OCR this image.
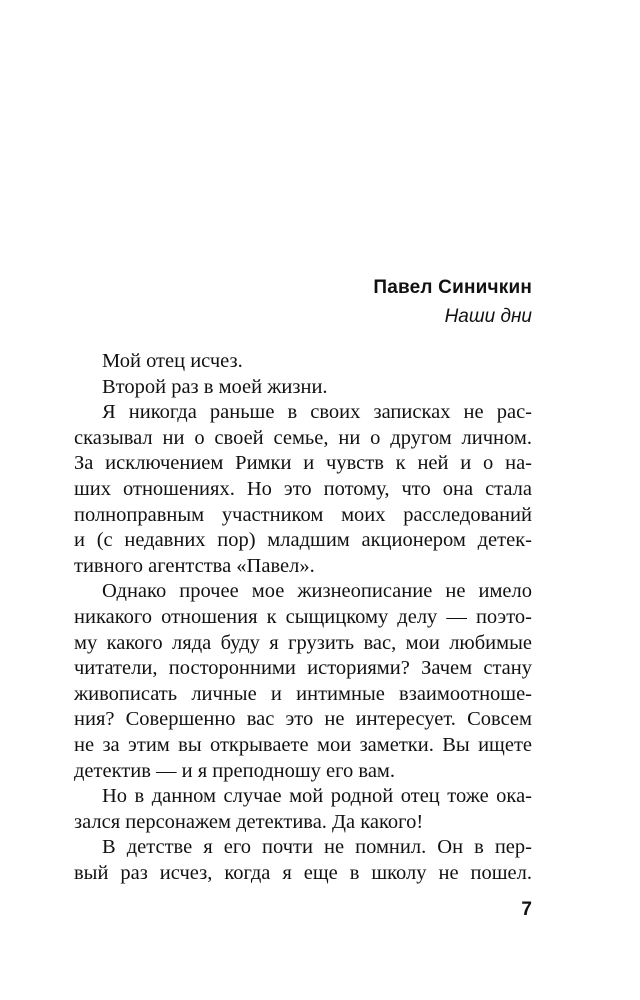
Павел Синичкин
Наши дни
Мой отец исчез.
Второй раз в моей жизни.
Я никогда раньше в своих записках не рас-
сказывал ни о своей семье, ни о другом личном.
За исключением Римки и чувств к ней и о на-
ших отношениях. Но это потому, что она стала
полноправным участником моих расследований
и (с недавних пор) младшим акционером детек-
тивного агентства «Павел».
Однако прочее мое жизнеописание не имело
никакого отношения к сыщицкому делу — поэто-
му какого ляда буду я грузить вас, мои любимые
читатели, посторонними историями? Зачем стану
живописать личные и интимные взаимоотноше-
ния? Совершенно вас это не интересует. Совсем
не за этим вы открываете мои заметки. Вы ищете
детектив — и я преподношу его вам.
Но в данном случае мой родной отец тоже ока-
зался персонажем детектива. Да какого!
В детстве я его почти не помнил. Он в пер-
вый раз исчез, когда я еще в школу не пошел.
7
